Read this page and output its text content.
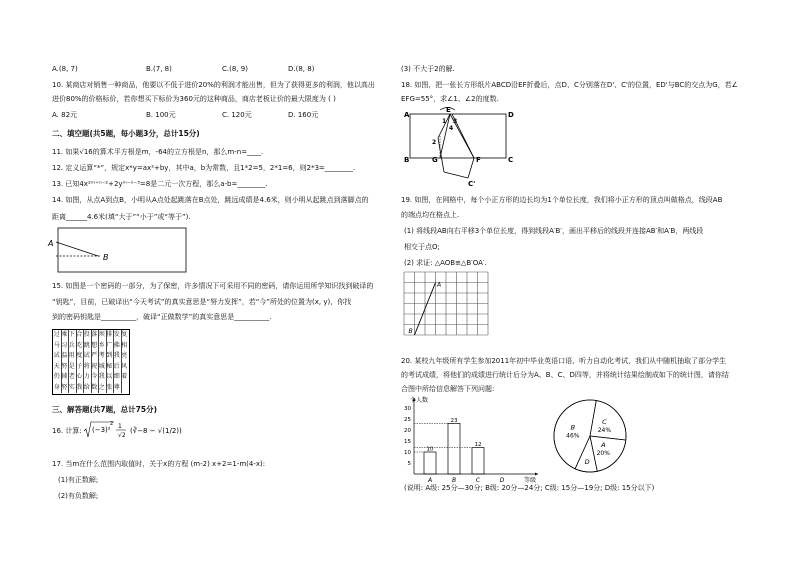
A.(8, 7)	B.(7, 8)	C.(8, 9)	D.(8, 8)
10. 某商店对销售一种商品，他要以不低于进价20%的利润才能出售，但为了获得更多的利润，他以高出
进价80%的价格标价，若你想买下标价为360元的这种商品，商店老板让价的最大限度为 ( )
A. 82元	B. 100元	C. 120元	D. 160元
二、填空题(共5题，每小题3分，总计15分)
11. 如果√16的算术平方根是m，-64的立方根是n，那么m-n=____.
12. 定义运算“*”，规定x*y=ax²+by，其中a，b为常数，且1*2=5，2*1=6，则2*3=________.
13. 已知4x²ᵐ⁺ⁿ⁻²+2yᵐ⁻ⁿ⁻³=8是二元一次方程，那么a-b=________.
14. 如图，从点A到点B，小明从A点处起跳落在B点处，跳远成绩是4.6米，则小明从起跳点到落脚点的
距离______4.6米(填“大于”“小于”或“等于”).
A
B
15. 如图是一个密码的一部分，为了保密，许多情况下可采用不同的密码，请你运用所学知识找到破译的
“钥匙”，目前，已破译出“今天考试”的真实意思是“努力发挥”，若“今”所处的位置为(x, y)，你找
到的密码钥匙是__________，破译“正做数学”的真实意思是__________.
过 乘 下 合 投 落 坝 排 发 复
马 习 兵 吃 跳 想 乡 广 佛 相
试 温 用 度 试 严 考 到 我 亮
天 努 是 子 将 祝 城 秘 后 风
仍 辅 老 心 力 今 我 以 细 着
身 努 实 我 给 数 之 张 尊
三、解答题(共7题，总计75分)
16. 计算: (−3)²
2 1
√2
(∛−8 − √(1/2))
17. 当m在什么范围内取值时，关于x的方程 (m-2) x+2=1-m(4-x):
(1)有正数解;
(2)有负数解;
(3) 不大于2的解.
18. 如图，把一张长方形纸片ABCD沿EF折叠后，点D、C分别落在D'、C'的位置，ED'与BC的交点为G，若∠
EFG=55°，求∠1、∠2的度数.
A
E
D
B	G	F	C
C'
1 3
4
2
19. 如图，在网格中，每个小正方形的边长均为1个单位长度，我们将小正方形的顶点叫做格点，线段AB
的端点均在格点上.
(1) 将线段AB向右平移3个单位长度，得到线段A′B′，画出平移后的线段并连接AB′和A′B，两线段
相交于点O;
(2) 求证: △AOB≌△B′OA′.
A
B
20. 某校九年级所有学生参加2011年初中毕业英语口语、听力自动化考试，我们从中随机抽取了部分学生
的考试成绩，将他们的成绩进行统计后分为A、B、C、D四等，并将统计结果绘制成如下的统计图，请你结
合图中所给信息解答下列问题:
个人数
等级
5
10
15
20
25
30
10
A
23
B
12
C	D
C
24%
A
20%
D
B
46%
(说明: A级: 25分—30分; B级: 20分—24分; C级: 15分—19分; D级: 15分以下)
